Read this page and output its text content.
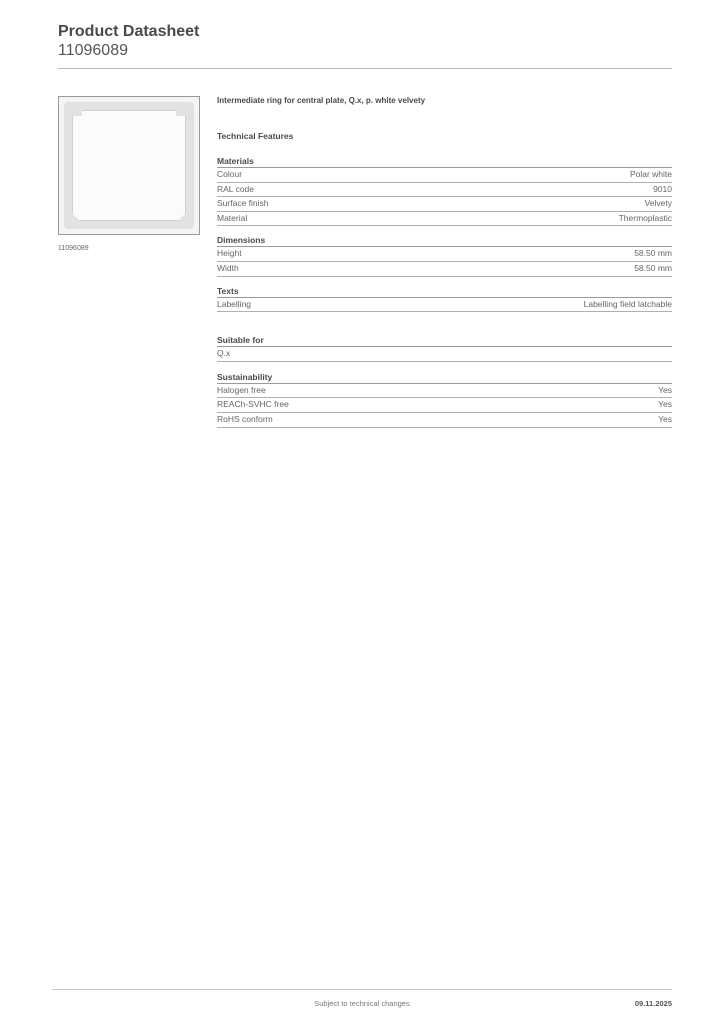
Product Datasheet
11096089
11096089
Intermediate ring for central plate, Q.x, p. white velvety
Technical Features
Materials
Colour	Polar white
RAL code	9010
Surface finish	Velvety
Material	Thermoplastic
Dimensions
Height	58.50 mm
Width	58.50 mm
Texts
Labelling	Labelling field latchable
Suitable for
Q.x
Sustainability
Halogen free	Yes
REACh-SVHC free	Yes
RoHS conform	Yes
Subject to technical changes	09.11.2025
